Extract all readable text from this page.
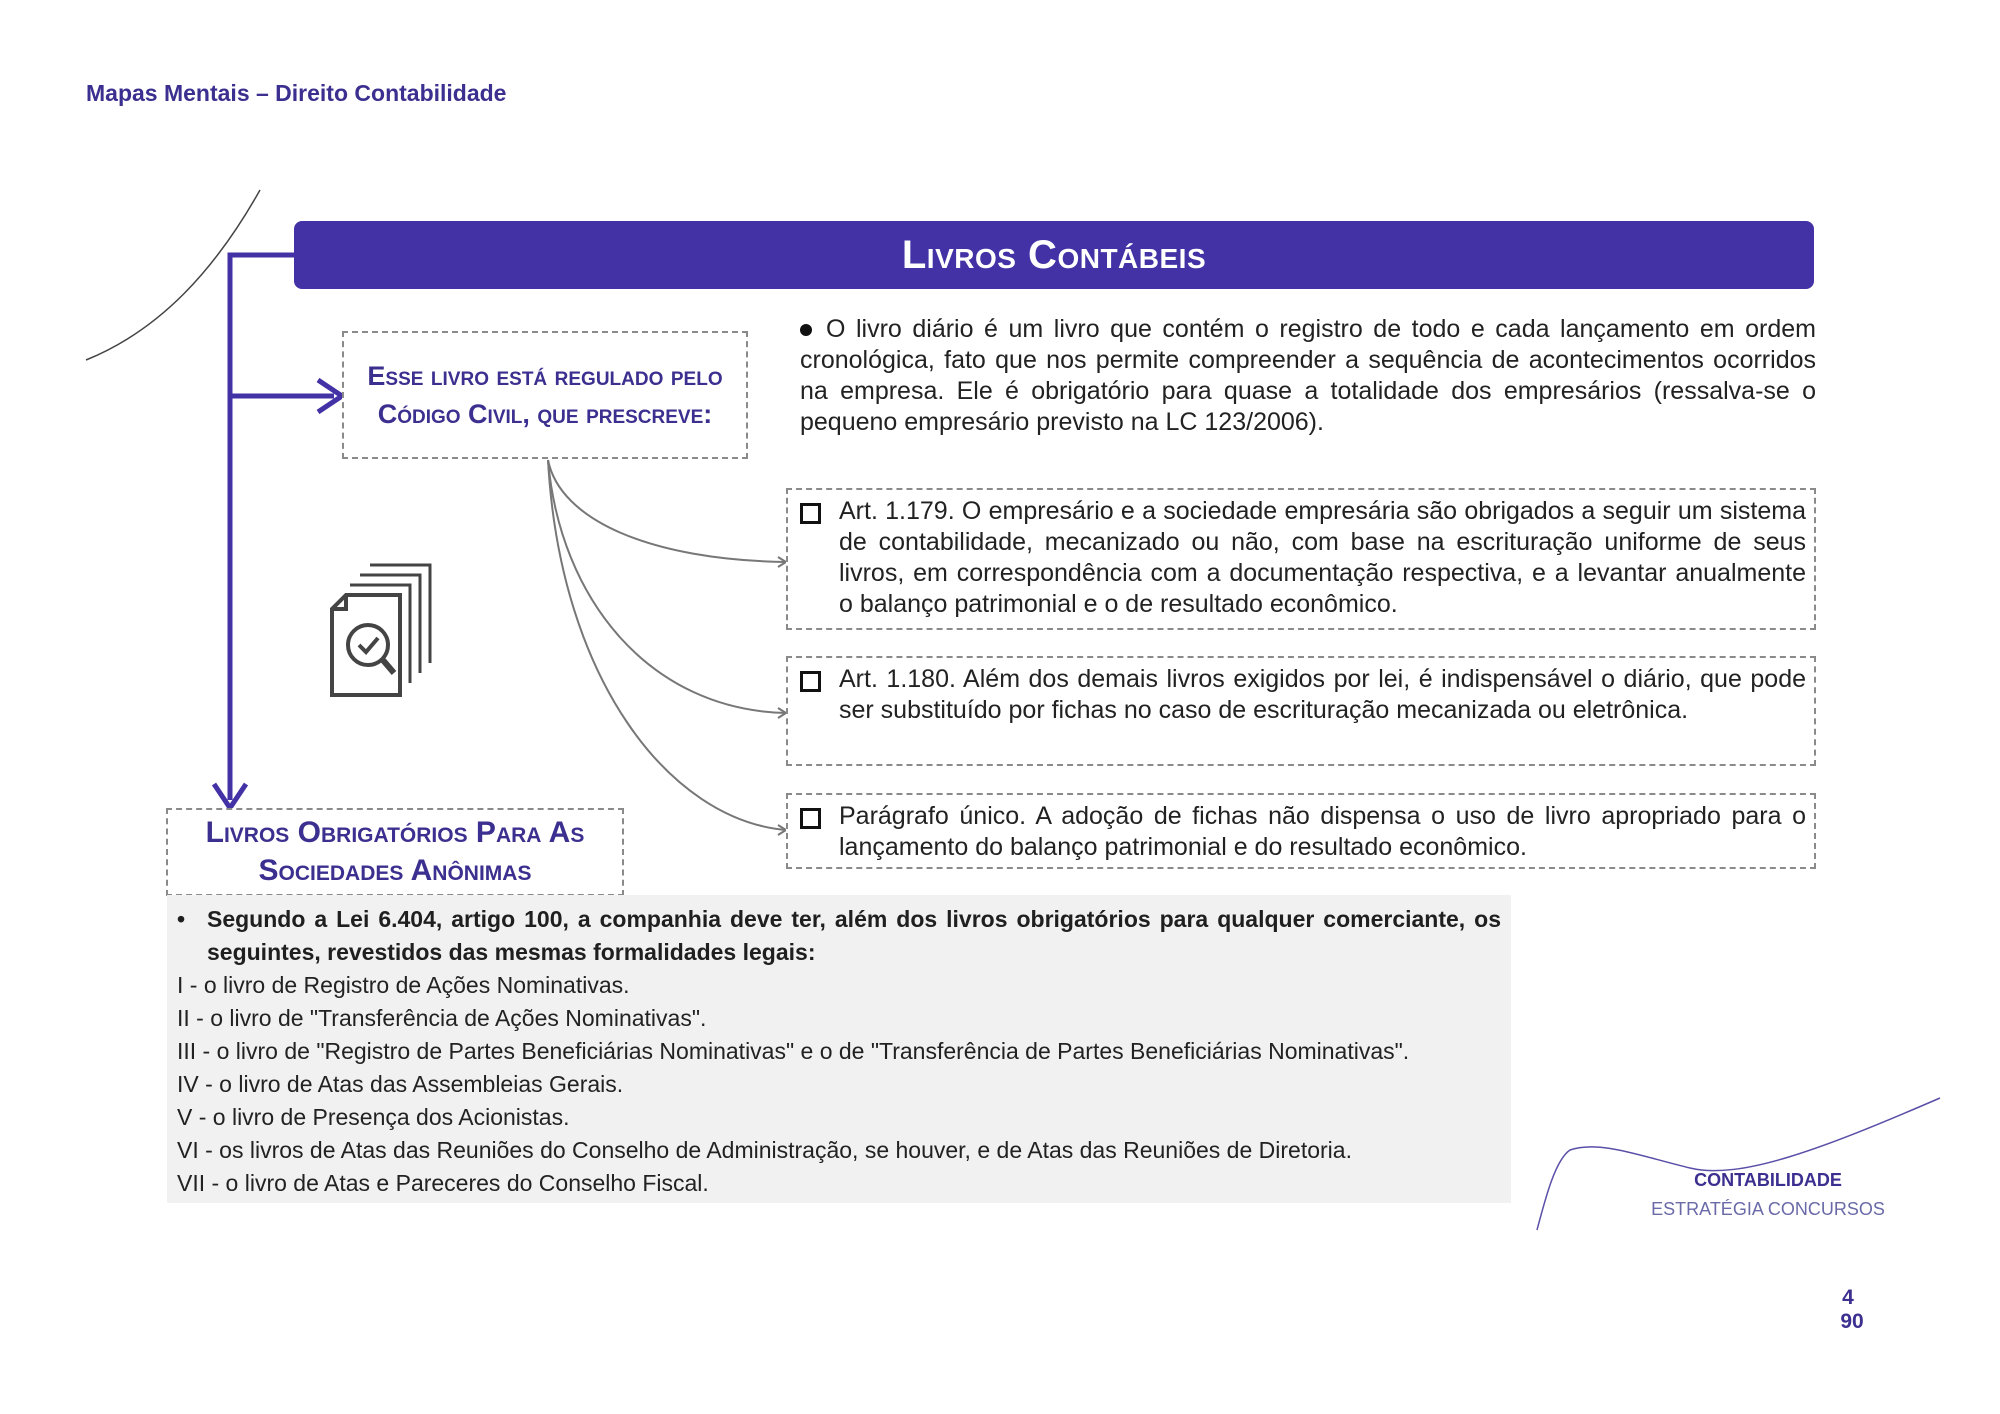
Mapas Mentais – Direito Contabilidade
Livros Contábeis
Esse livro está regulado pelo Código Civil, que prescreve:
O livro diário é um livro que contém o registro de todo e cada lançamento em ordem cronológica, fato que nos permite compreender a sequência de acontecimentos ocorridos na empresa. Ele é obrigatório para quase a totalidade dos empresários (ressalva-se o pequeno empresário previsto na LC 123/2006).
Art. 1.179. O empresário e a sociedade empresária são obrigados a seguir um sistema de contabilidade, mecanizado ou não, com base na escrituração uniforme de seus livros, em correspondência com a documentação respectiva, e a levantar anualmente o balanço patrimonial e o de resultado econômico.
Art. 1.180. Além dos demais livros exigidos por lei, é indispensável o diário, que pode ser substituído por fichas no caso de escrituração mecanizada ou eletrônica.
Parágrafo único. A adoção de fichas não dispensa o uso de livro apropriado para o lançamento do balanço patrimonial e do resultado econômico.
Livros Obrigatórios Para As Sociedades Anônimas
• Segundo a Lei 6.404, artigo 100, a companhia deve ter, além dos livros obrigatórios para qualquer comerciante, os seguintes, revestidos das mesmas formalidades legais:
I - o livro de Registro de Ações Nominativas.
II - o livro de "Transferência de Ações Nominativas".
III - o livro de "Registro de Partes Beneficiárias Nominativas" e o de "Transferência de Partes Beneficiárias Nominativas".
IV - o livro de Atas das Assembleias Gerais.
V - o livro de Presença dos Acionistas.
VI - os livros de Atas das Reuniões do Conselho de Administração, se houver, e de Atas das Reuniões de Diretoria.
VII - o livro de Atas e Pareceres do Conselho Fiscal.	CONTABILIDADE
ESTRATÉGIA CONCURSOS
4
90
